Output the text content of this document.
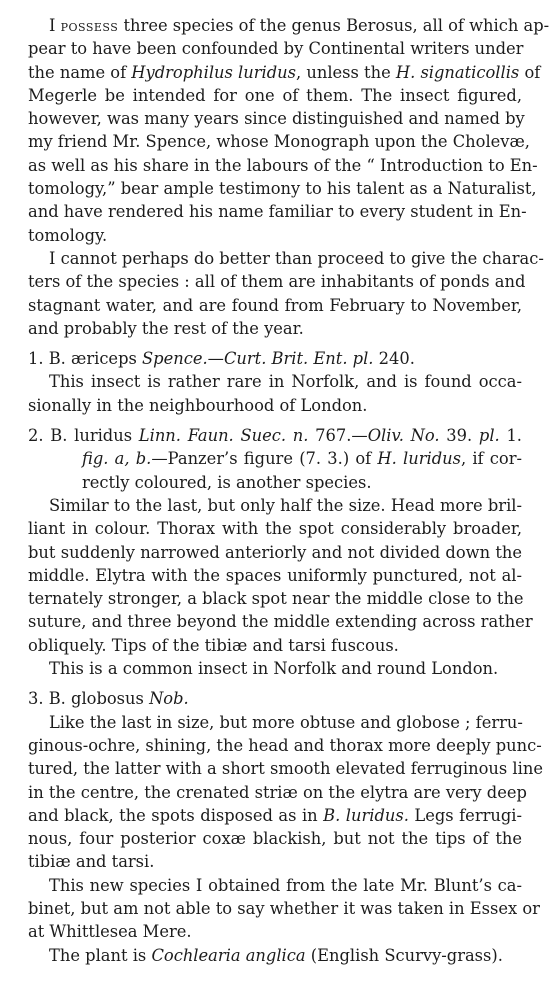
I possess three species of the genus Berosus, all of which ap-
pear to have been confounded by Continental writers under
the name of Hydrophilus luridus, unless the H. signaticollis of
Megerle be intended for one of them. The insect figured,
however, was many years since distinguished and named by
my friend Mr. Spence, whose Monograph upon the Cholevæ,
as well as his share in the labours of the “ Introduction to En-
tomology,” bear ample testimony to his talent as a Naturalist,
and have rendered his name familiar to every student in En-
tomology.
I cannot perhaps do better than proceed to give the charac-
ters of the species : all of them are inhabitants of ponds and
stagnant water, and are found from February to November,
and probably the rest of the year.
1. B. æriceps Spence.—Curt. Brit. Ent. pl. 240.
This insect is rather rare in Norfolk, and is found occa-
sionally in the neighbourhood of London.
2. B. luridus Linn. Faun. Suec. n. 767.—Oliv. No. 39. pl. 1.
fig. a, b.—Panzer’s figure (7. 3.) of H. luridus, if cor-
rectly coloured, is another species.
Similar to the last, but only half the size. Head more bril-
liant in colour. Thorax with the spot considerably broader,
but suddenly narrowed anteriorly and not divided down the
middle. Elytra with the spaces uniformly punctured, not al-
ternately stronger, a black spot near the middle close to the
suture, and three beyond the middle extending across rather
obliquely. Tips of the tibiæ and tarsi fuscous.
This is a common insect in Norfolk and round London.
3. B. globosus Nob.
Like the last in size, but more obtuse and globose ; ferru-
ginous-ochre, shining, the head and thorax more deeply punc-
tured, the latter with a short smooth elevated ferruginous line
in the centre, the crenated striæ on the elytra are very deep
and black, the spots disposed as in B. luridus. Legs ferrugi-
nous, four posterior coxæ blackish, but not the tips of the
tibiæ and tarsi.
This new species I obtained from the late Mr. Blunt’s ca-
binet, but am not able to say whether it was taken in Essex or
at Whittlesea Mere.
The plant is Cochlearia anglica (English Scurvy-grass).
